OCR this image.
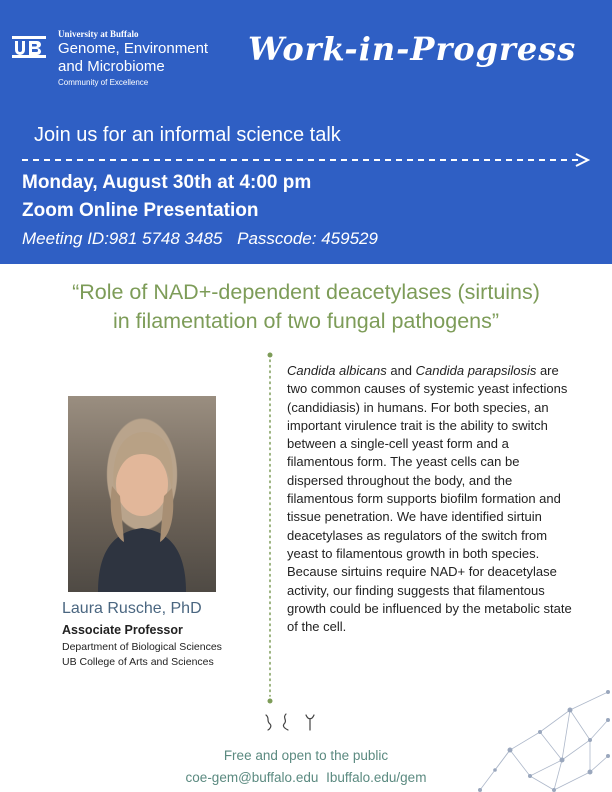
University at Buffalo
Genome, Environment
and Microbiome
Community of Excellence
Work-in-Progress
Join us for an informal science talk
Monday, August 30th at 4:00 pm
Zoom Online Presentation
Meeting ID:981 5748 3485 Passcode: 459529
“Role of NAD+-dependent deacetylases (sirtuins)
in filamentation of two fungal pathogens”
Laura Rusche, PhD
Associate Professor
Department of Biological Sciences
UB College of Arts and Sciences
Candida albicans and Candida parapsilosis are two common causes of systemic yeast infections (candidiasis) in humans. For both species, an important virulence trait is the ability to switch between a single-cell yeast form and a filamentous form. The yeast cells can be dispersed throughout the body, and the filamentous form supports biofilm formation and tissue penetration. We have identified sirtuin deacetylases as regulators of the switch from yeast to filamentous growth in both species. Because sirtuins require NAD+ for deacetylase activity, our finding suggests that filamentous growth could be influenced by the metabolic state of the cell.
Free and open to the public
coe-gem@buffalo.edu Ibuffalo.edu/gem
